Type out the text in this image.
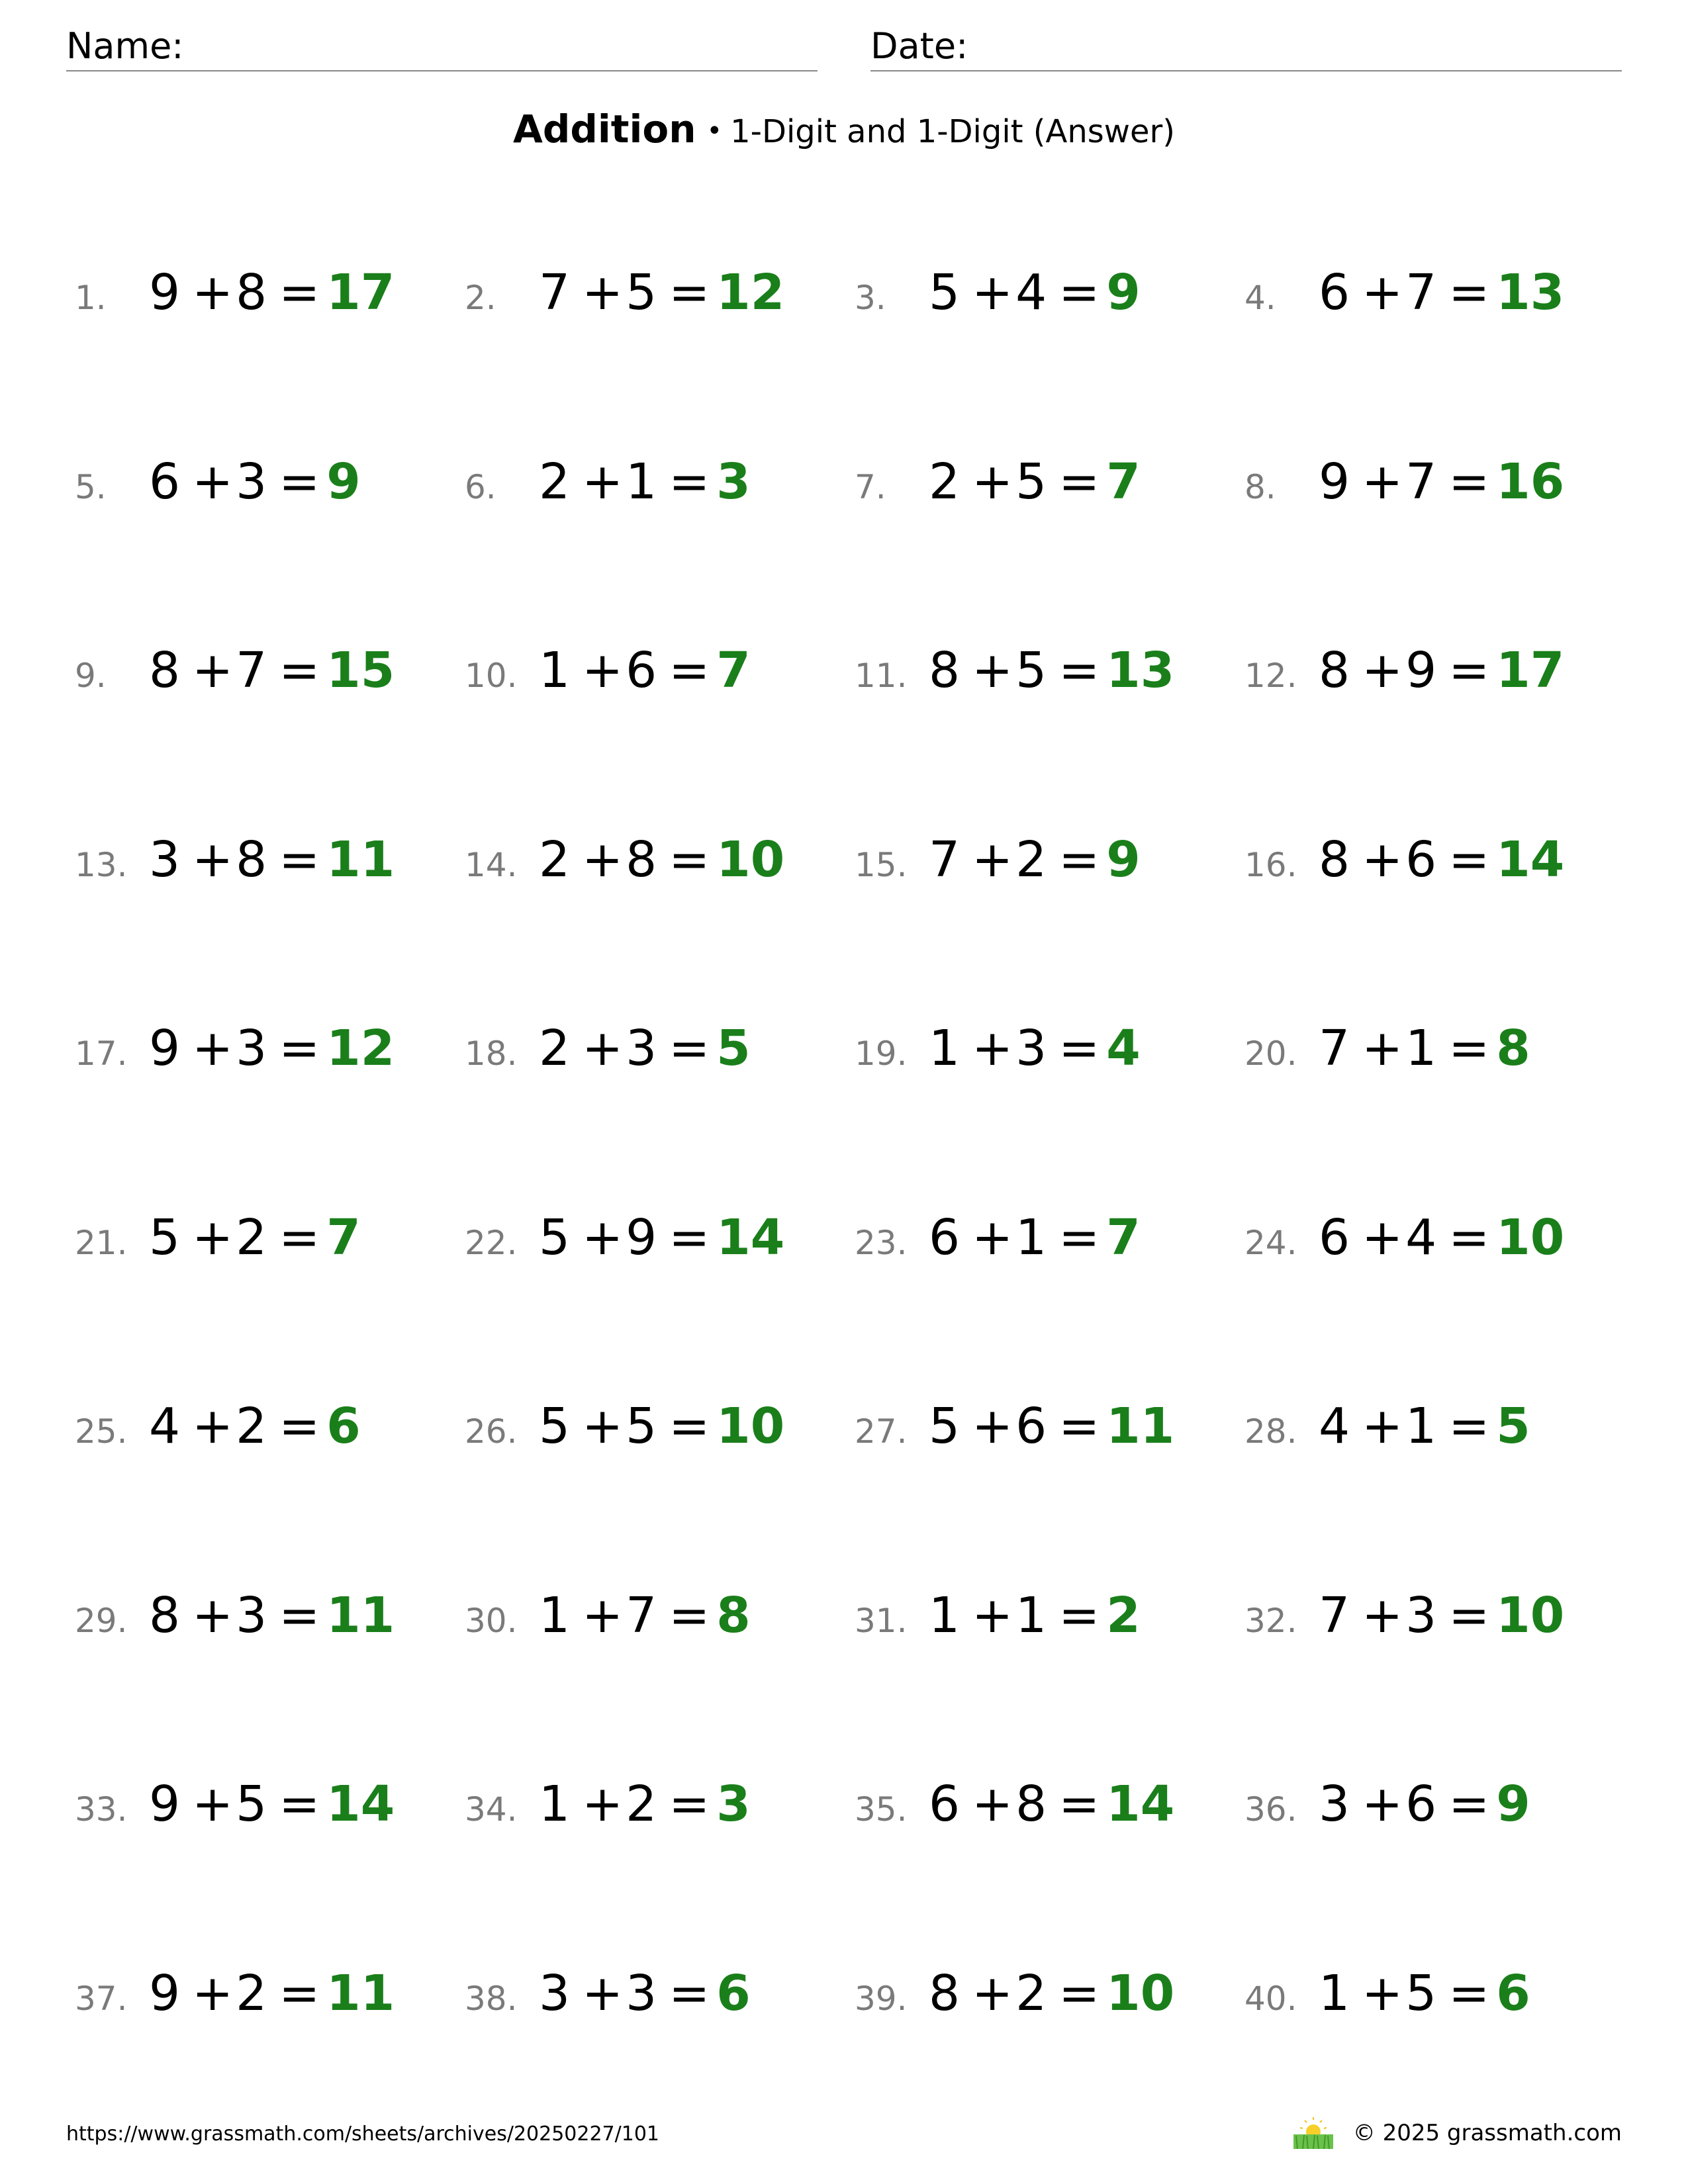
Name:	Date:
Addition • 1-Digit and 1-Digit (Answer)
1. 9 + 8 = 17 2. 7 + 5 = 12 3. 5 + 4 = 9	4. 6 + 7 = 13
5. 6 + 3 = 9	6. 2 + 1 = 3	7. 2 + 5 = 7	8. 9 + 7 = 16
9. 8 + 7 = 15 10. 1 + 6 = 7	11. 8 + 5 = 13 12. 8 + 9 = 17
13. 3 + 8 = 11 14. 2 + 8 = 10 15. 7 + 2 = 9	16. 8 + 6 = 14
17. 9 + 3 = 12 18. 2 + 3 = 5	19. 1 + 3 = 4	20. 7 + 1 = 8
21. 5 + 2 = 7	22. 5 + 9 = 14 23. 6 + 1 = 7	24. 6 + 4 = 10
25. 4 + 2 = 6	26. 5 + 5 = 10 27. 5 + 6 = 11 28. 4 + 1 = 5
29. 8 + 3 = 11 30. 1 + 7 = 8	31. 1 + 1 = 2	32. 7 + 3 = 10
33. 9 + 5 = 14 34. 1 + 2 = 3	35. 6 + 8 = 14 36. 3 + 6 = 9
37. 9 + 2 = 11 38. 3 + 3 = 6	39. 8 + 2 = 10 40. 1 + 5 = 6
https://www.grassmath.com/sheets/archives/20250227/101	© 2025 grassmath.com
